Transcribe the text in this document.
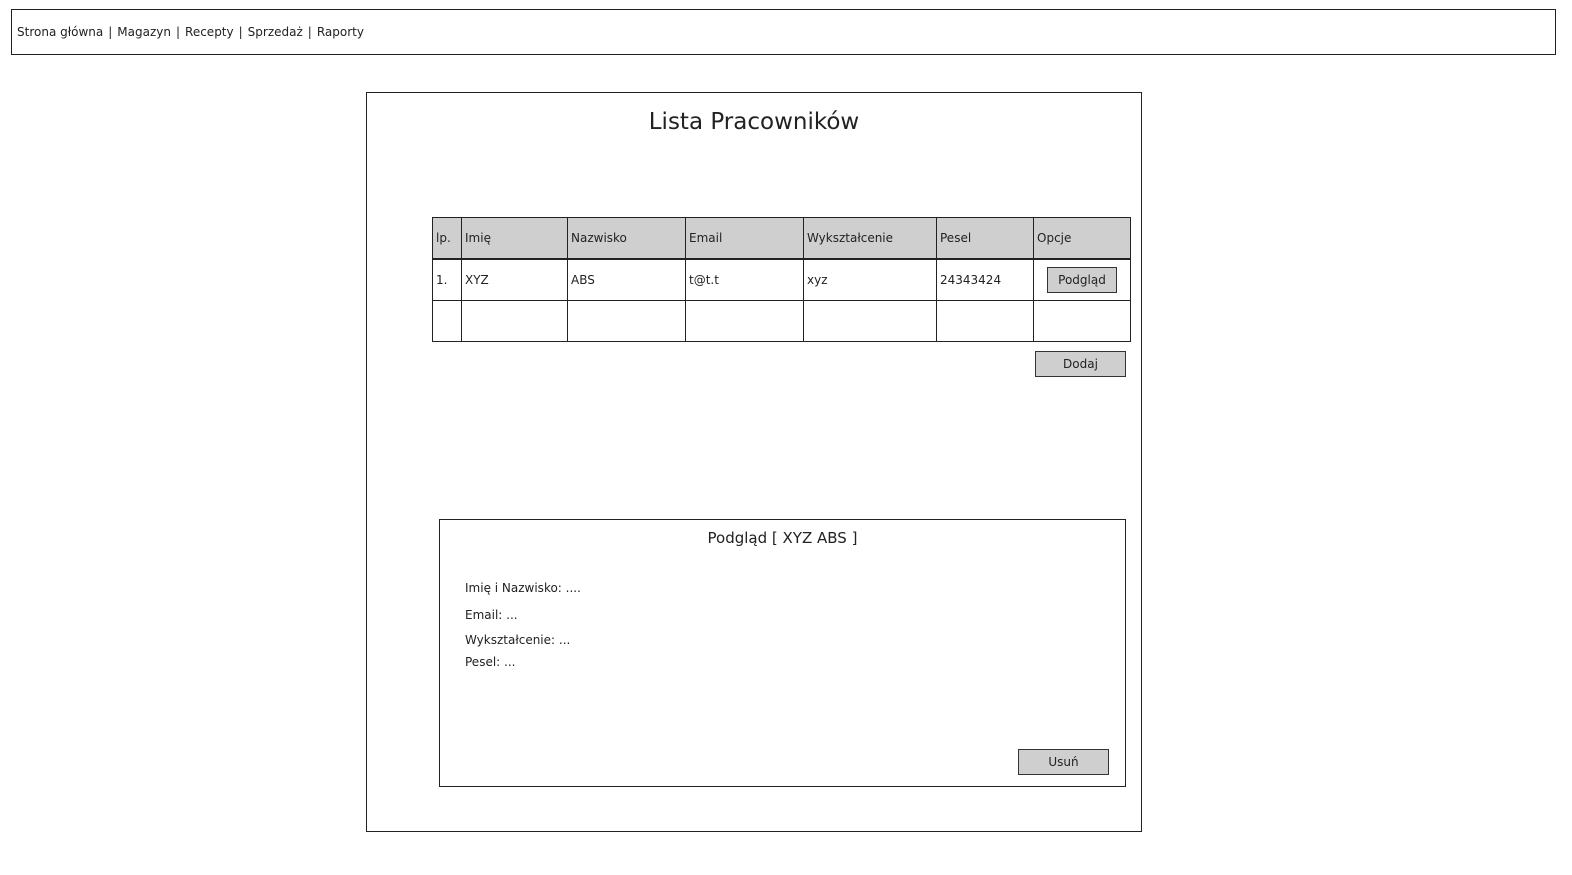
Strona główna | Magazyn | Recepty | Sprzedaż | Raporty
Lista Pracowników
lp.	Imię	Nazwisko	Email	Wykształcenie	Pesel	Opcje
1.	XYZ	ABS	t@t.t	xyz	24343424	Podgląd

Dodaj
Podgląd [ XYZ ABS ]
Imię i Nazwisko: ....
Email: ...
Wykształcenie: ...
Pesel: ...
Usuń
